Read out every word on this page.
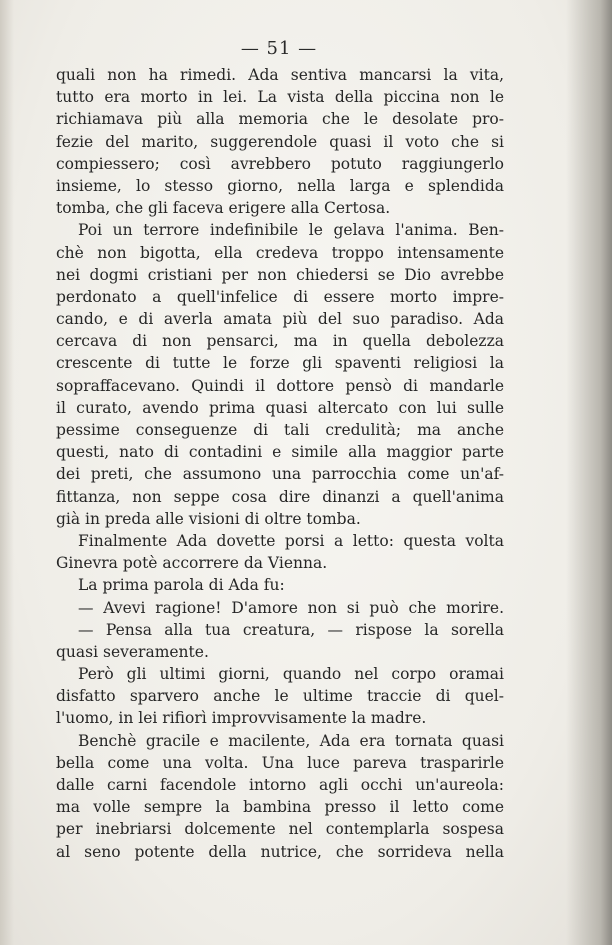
— 51 —
quali non ha rimedi. Ada sentiva mancarsi la vita,
tutto era morto in lei. La vista della piccina non le
richiamava più alla memoria che le desolate pro-
fezie del marito, suggerendole quasi il voto che si
compiessero; così avrebbero potuto raggiungerlo
insieme, lo stesso giorno, nella larga e splendida
tomba, che gli faceva erigere alla Certosa.
Poi un terrore indefinibile le gelava l'anima. Ben-
chè non bigotta, ella credeva troppo intensamente
nei dogmi cristiani per non chiedersi se Dio avrebbe
perdonato a quell'infelice di essere morto impre-
cando, e di averla amata più del suo paradiso. Ada
cercava di non pensarci, ma in quella debolezza
crescente di tutte le forze gli spaventi religiosi la
sopraffacevano. Quindi il dottore pensò di mandarle
il curato, avendo prima quasi altercato con lui sulle
pessime conseguenze di tali credulità; ma anche
questi, nato di contadini e simile alla maggior parte
dei preti, che assumono una parrocchia come un'af-
fittanza, non seppe cosa dire dinanzi a quell'anima
già in preda alle visioni di oltre tomba.
Finalmente Ada dovette porsi a letto: questa volta
Ginevra potè accorrere da Vienna.
La prima parola di Ada fu:
— Avevi ragione! D'amore non si può che morire.
— Pensa alla tua creatura, — rispose la sorella
quasi severamente.
Però gli ultimi giorni, quando nel corpo oramai
disfatto sparvero anche le ultime traccie di quel-
l'uomo, in lei rifiorì improvvisamente la madre.
Benchè gracile e macilente, Ada era tornata quasi
bella come una volta. Una luce pareva trasparirle
dalle carni facendole intorno agli occhi un'aureola:
ma volle sempre la bambina presso il letto come
per inebriarsi dolcemente nel contemplarla sospesa
al seno potente della nutrice, che sorrideva nella
